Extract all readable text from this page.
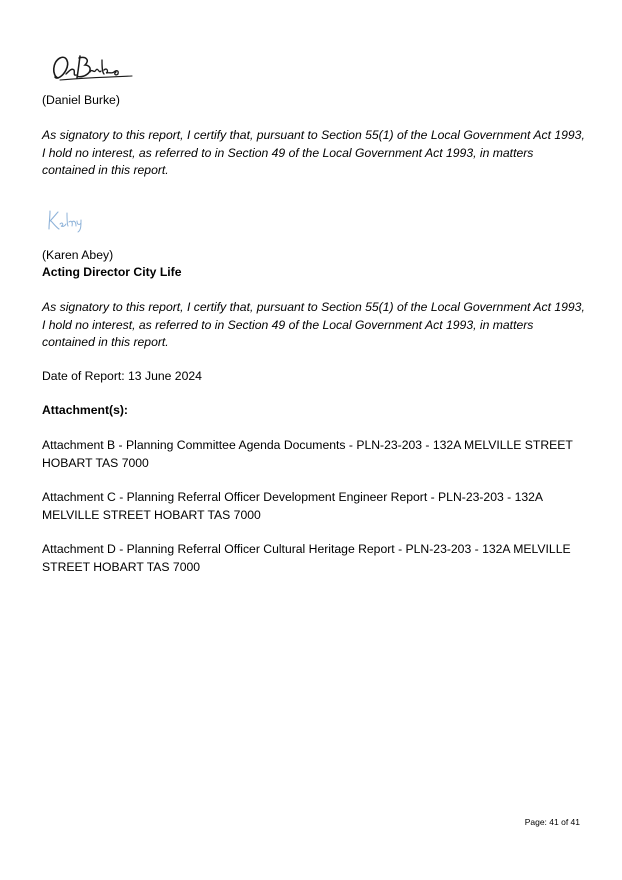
(Daniel Burke)

As signatory to this report, I certify that, pursuant to Section 55(1) of the Local Government Act 1993, I hold no interest, as referred to in Section 49 of the Local Government Act 1993, in matters contained in this report.

(Karen Abey)

Acting Director City Life

As signatory to this report, I certify that, pursuant to Section 55(1) of the Local Government Act 1993, I hold no interest, as referred to in Section 49 of the Local Government Act 1993, in matters contained in this report.

Date of Report: 13 June 2024

Attachment(s):

Attachment B - Planning Committee Agenda Documents - PLN-23-203 - 132A MELVILLE STREET HOBART TAS 7000

Attachment C - Planning Referral Officer Development Engineer Report - PLN-23-203 - 132A MELVILLE STREET HOBART TAS 7000

Attachment D - Planning Referral Officer Cultural Heritage Report - PLN-23-203 - 132A MELVILLE STREET HOBART TAS 7000

Page: 41 of 41
